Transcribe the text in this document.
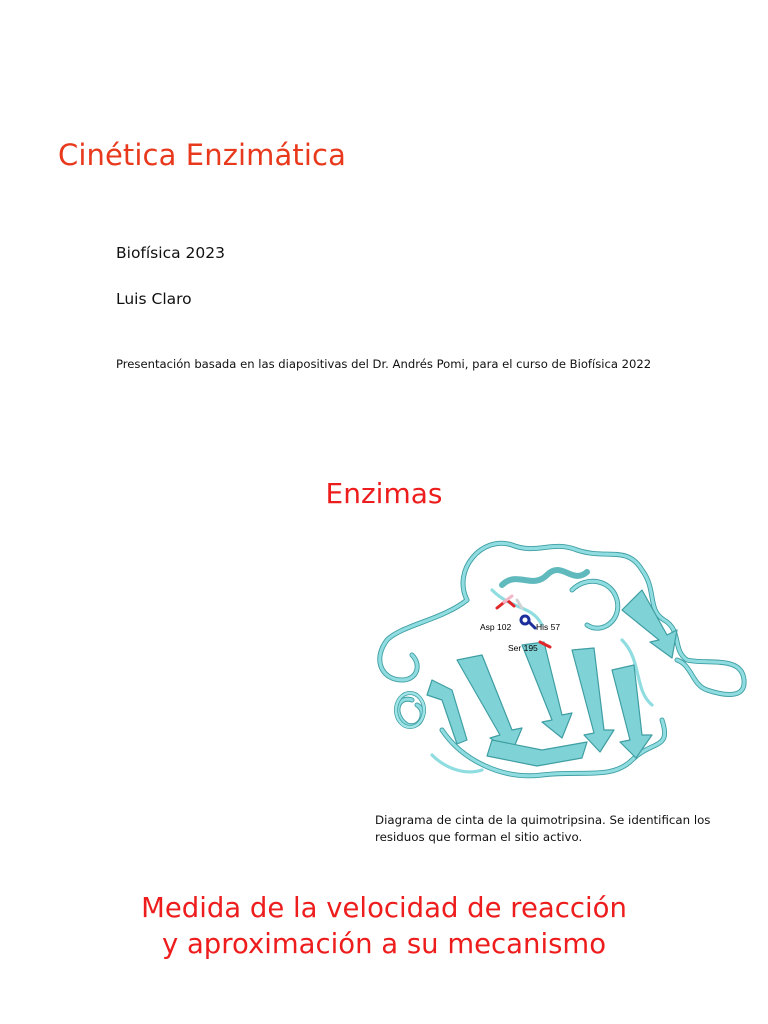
Cinética Enzimática
Biofísica 2023
Luis Claro
Presentación basada en las diapositivas del Dr. Andrés Pomi, para el curso de Biofísica 2022
Enzimas
Asp 102	His 57
Ser 195
Diagrama de cinta de la quimotripsina. Se identifican los
residuos que forman el sitio activo.
Medida de la velocidad de reacción
y aproximación a su mecanismo
